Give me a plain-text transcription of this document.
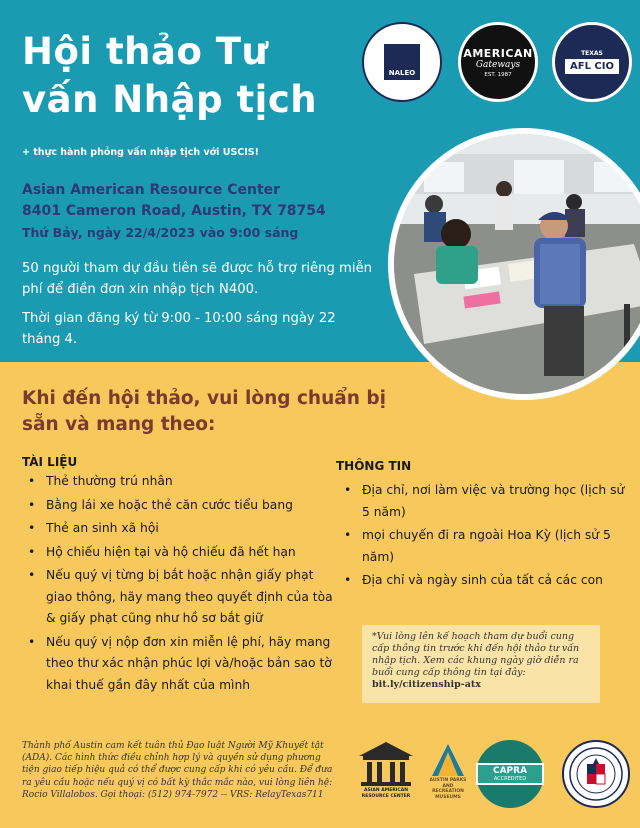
Hội thảo Tư
vấn Nhập tịch
+ thực hành phỏng vấn nhập tịch với USCIS!
Asian American Resource Center
8401 Cameron Road, Austin, TX 78754
Thứ Bảy, ngày 22/4/2023 vào 9:00 sáng
50 người tham dự đầu tiên sẽ được hỗ trợ riêng miễn phí để điền đơn xin nhập tịch N400.
Thời gian đăng ký từ 9:00 - 10:00 sáng ngày 22 tháng 4.
NALEO
AMERICAN
Gateways
EST. 1987
TEXAS
AFL CIO
Khi đến hội thảo, vui lòng chuẩn bị sẵn và mang theo:
TÀI LIỆU
• Thẻ thường trú nhân
• Bằng lái xe hoặc thẻ căn cước tiểu bang
• Thẻ an sinh xã hội
• Hộ chiếu hiện tại và hộ chiếu đã hết hạn
• Nếu quý vị từng bị bắt hoặc nhận giấy phạt giao thông, hãy mang theo quyết định của tòa & giấy phạt cũng như hồ sơ bắt giữ
• Nếu quý vị nộp đơn xin miễn lệ phí, hãy mang theo thư xác nhận phúc lợi và/hoặc bản sao tờ khai thuế gần đây nhất của mình
THÔNG TIN
• Địa chỉ, nơi làm việc và trường học (lịch sử 5 năm)
• mọi chuyến đi ra ngoài Hoa Kỳ (lịch sử 5 năm)
• Địa chỉ và ngày sinh của tất cả các con
*Vui lòng lên kế hoạch tham dự buổi cung cấp thông tin trước khi đến hội thảo tư vấn nhập tịch. Xem các khung ngày giờ diễn ra buổi cung cấp thông tin tại đây:
bit.ly/citizenship-atx
Thành phố Austin cam kết tuân thủ Đạo luật Người Mỹ Khuyết tật (ADA). Các hình thức điều chỉnh hợp lý và quyền sử dụng phương tiện giao tiếp hiệu quả có thể được cung cấp khi có yêu cầu. Để đưa ra yêu cầu hoặc nếu quý vị có bất kỳ thắc mắc nào, vui lòng liên hệ: Rocio Villalobos. Gọi thoại: (512) 974-7972 -- VRS: RelayTexas711	ASIAN AMERICAN RESOURCE CENTER
AUSTIN PARKS AND RECREATION MUSEUMS
CAPRA
ACCREDITED
